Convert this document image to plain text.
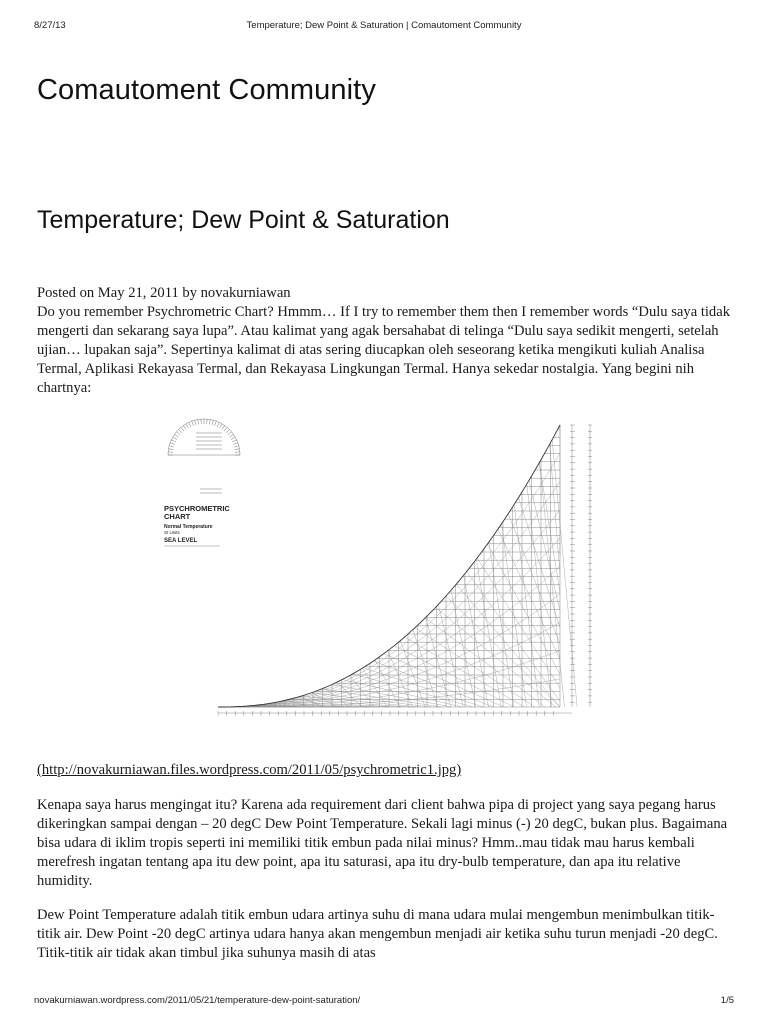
8/27/13	Temperature; Dew Point & Saturation | Comautoment Community
Comautoment Community
Temperature; Dew Point & Saturation

Posted on May 21, 2011 by novakurniawan

Do you remember Psychrometric Chart? Hmmm… If I try to remember them then I remember words “Dulu saya tidak mengerti dan sekarang saya lupa”. Atau kalimat yang agak bersahabat di telinga “Dulu saya sedikit mengerti, setelah ujian… lupakan saja”. Sepertinya kalimat di atas sering diucapkan oleh seseorang ketika mengikuti kuliah Analisa Termal, Aplikasi Rekayasa Termal, dan Rekayasa Lingkungan Termal. Hanya sekedar nostalgia. Yang begini nih chartnya:

PSYCHROMETRIC
CHART
Normal Temperature
SI Units
SEA LEVEL
(http://novakurniawan.files.wordpress.com/2011/05/psychrometric1.jpg)

Kenapa saya harus mengingat itu? Karena ada requirement dari client bahwa pipa di project yang saya pegang harus dikeringkan sampai dengan – 20 degC Dew Point Temperature. Sekali lagi minus (-) 20 degC, bukan plus. Bagaimana bisa udara di iklim tropis seperti ini memiliki titik embun pada nilai minus? Hmm..mau tidak mau harus kembali merefresh ingatan tentang apa itu dew point, apa itu saturasi, apa itu dry-bulb temperature, dan apa itu relative humidity.

Dew Point Temperature adalah titik embun udara artinya suhu di mana udara mulai mengembun menimbulkan titik-titik air. Dew Point -20 degC artinya udara hanya akan mengembun menjadi air ketika suhu turun menjadi -20 degC. Titik-titik air tidak akan timbul jika suhunya masih di atas

novakurniawan.wordpress.com/2011/05/21/temperature-dew-point-saturation/	1/5
